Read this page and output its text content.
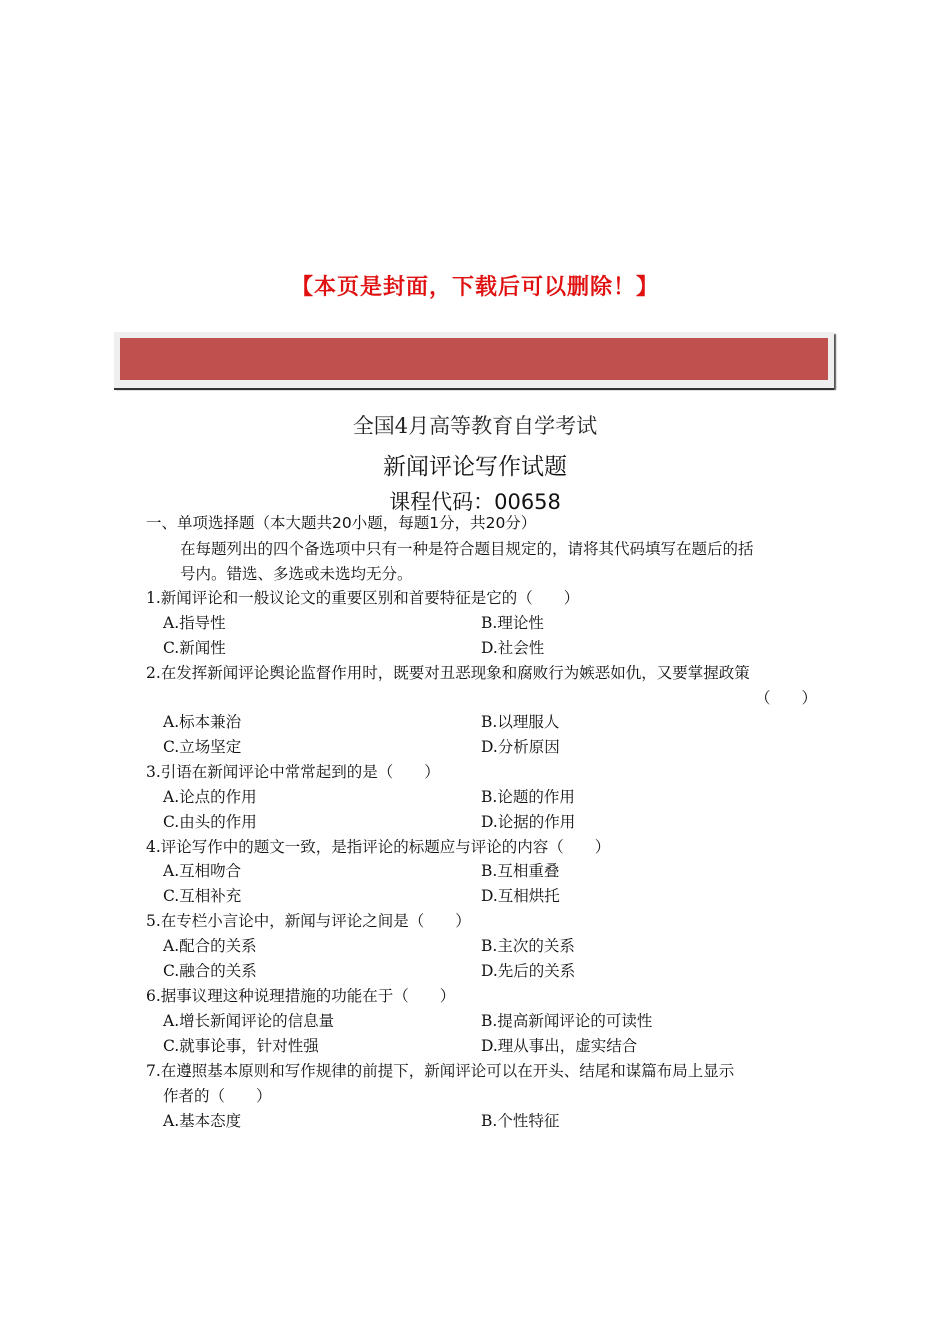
【本页是封面，下载后可以删除！】
全国4月高等教育自学考试
新闻评论写作试题
课程代码：00658
一、单项选择题（本大题共20小题，每题1分，共20分）
在每题列出的四个备选项中只有一种是符合题目规定的，请将其代码填写在题后的括
号内。错选、多选或未选均无分。
1.新闻评论和一般议论文的重要区别和首要特征是它的（　　）
A.指导性	B.理论性
C.新闻性	D.社会性
2.在发挥新闻评论舆论监督作用时，既要对丑恶现象和腐败行为嫉恶如仇，又要掌握政策
（　　）
A.标本兼治	B.以理服人
C.立场坚定	D.分析原因
3.引语在新闻评论中常常起到的是（　　）
A.论点的作用	B.论题的作用
C.由头的作用	D.论据的作用
4.评论写作中的题文一致，是指评论的标题应与评论的内容（　　）
A.互相吻合	B.互相重叠
C.互相补充	D.互相烘托
5.在专栏小言论中，新闻与评论之间是（　　）
A.配合的关系	B.主次的关系
C.融合的关系	D.先后的关系
6.据事议理这种说理措施的功能在于（　　）
A.增长新闻评论的信息量	B.提高新闻评论的可读性
C.就事论事，针对性强	D.理从事出，虚实结合
7.在遵照基本原则和写作规律的前提下，新闻评论可以在开头、结尾和谋篇布局上显示
作者的（　　）
A.基本态度	B.个性特征
